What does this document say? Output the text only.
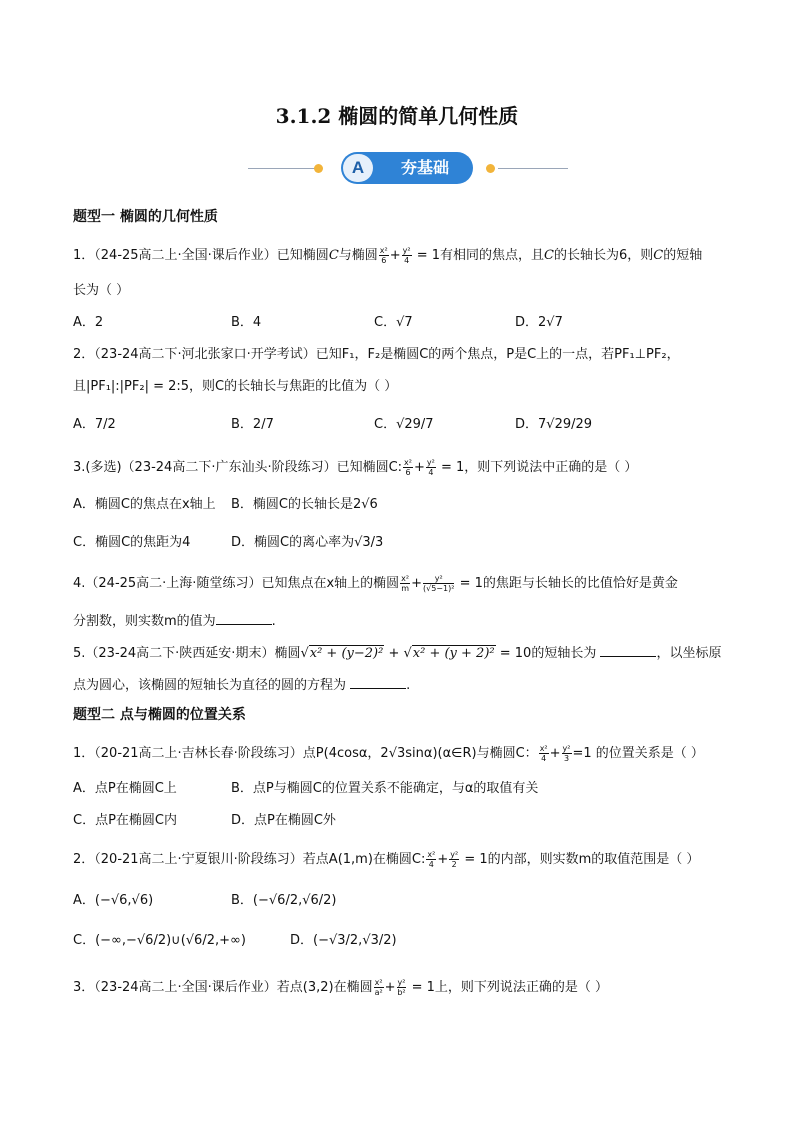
3.1.2 椭圆的简单几何性质
A	夯基础
题型一 椭圆的几何性质
1．（24-25高二上·全国·课后作业）已知椭圆C与椭圆 $\frac{\text{x²}}{6} + \frac{\text{y²}}{4} = 1$有相同的焦点，且C的长轴长为6，则C的短轴
长为（ ）
A．2	B．4	C．√7	D．2√7
2．（23-24高二下·河北张家口·开学考试）已知F₁，F₂是椭圆C的两个焦点，P是C上的一点，若PF₁⊥PF₂，
且|PF₁|:|PF₂| = 2:5，则C的长轴长与焦距的比值为（ ）
A．7/2	B．2/7	C．√29/7	D．7√29/29
3.(多选)（23-24高二下·广东汕头·阶段练习）已知椭圆C: $\frac{\text{x²}}{6} + \frac{\text{y²}}{4} = 1$，则下列说法中正确的是（ ）
A．椭圆C的焦点在x轴上 B．椭圆C的长轴长是2√6
C．椭圆C的焦距为4	D．椭圆C的离心率为√3/3
4.（24-25高二·上海·随堂练习）已知焦点在x轴上的椭圆 $\frac{\text{x²}}{m} + \frac{\text{y²}}{\text{(√5−1)²}} = 1$的焦距与长轴长的比值恰好是黄金
分割数，则实数m的值为	.
5.（23-24高二下·陕西延安·期末）椭圆√x² + (y−2)² + √x² + (y + 2)² = 10的短轴长为	，以坐标原
点为圆心，该椭圆的短轴长为直径的圆的方程为	.
题型二 点与椭圆的位置关系
1．（20-21高二上·吉林长春·阶段练习）点P(4cosα，2√3sinα)(α∈R)与椭圆C： $\frac{\text{x²}}{4} + \frac{\text{y²}}{3} =1$ 的位置关系是（ ）
A．点P在椭圆C上	B．点P与椭圆C的位置关系不能确定，与α的取值有关
C．点P在椭圆C内	D．点P在椭圆C外
2．（20-21高二上·宁夏银川·阶段练习）若点A(1,m)在椭圆C: $\frac{\text{x²}}{4} + \frac{\text{y²}}{2} = 1$的内部，则实数m的取值范围是（ ）
A．(−√6,√6)	B．(−√6/2,√6/2)
C．(−∞,−√6/2)∪(√6/2,+∞)	D．(−√3/2,√3/2)
3．（23-24高二上·全国·课后作业）若点(3,2)在椭圆 $\frac{\text{x²}}{\text{a²}} + \frac{\text{y²}}{\text{b²}} = 1$上，则下列说法正确的是（ ）
